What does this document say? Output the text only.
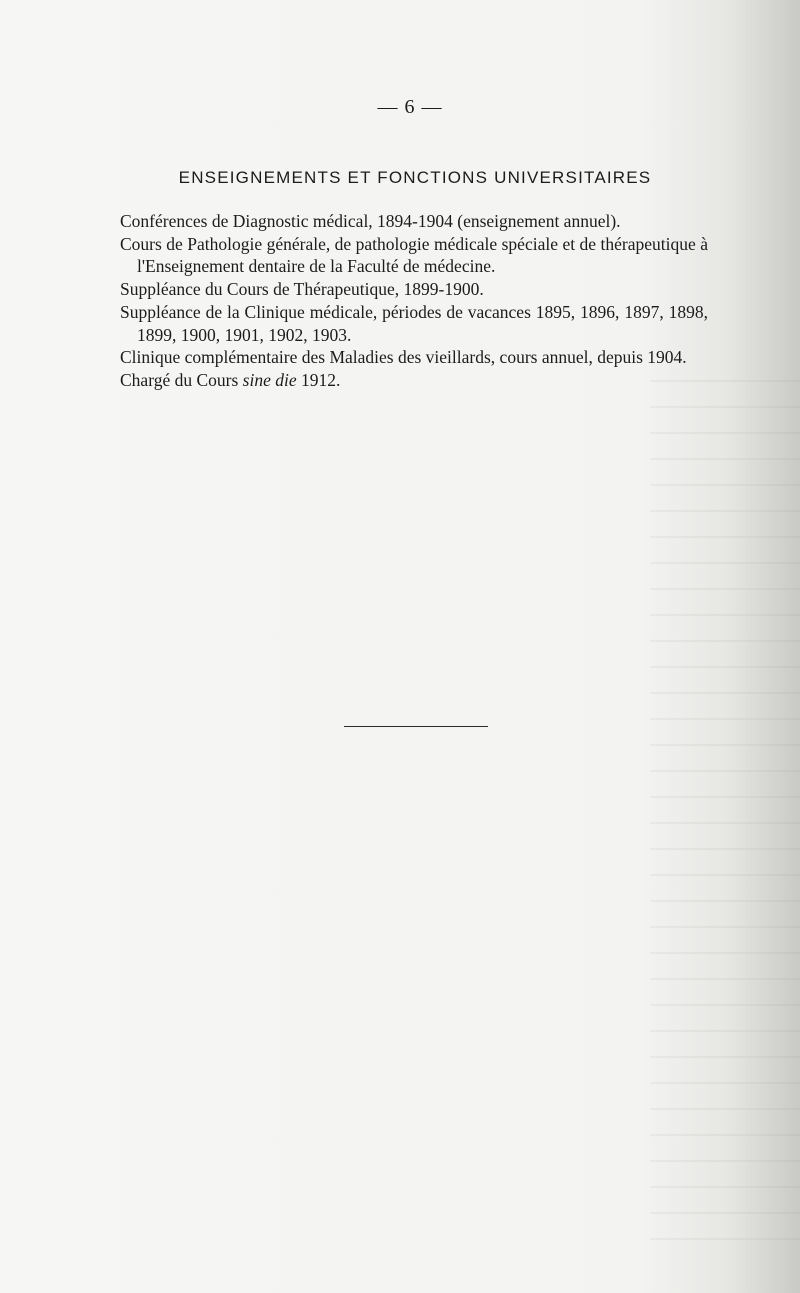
— 6 —
ENSEIGNEMENTS ET FONCTIONS UNIVERSITAIRES

Conférences de Diagnostic médical, 1894-1904 (enseignement annuel).

Cours de Pathologie générale, de pathologie médicale spéciale et de thérapeutique à l'Enseignement dentaire de la Faculté de médecine.

Suppléance du Cours de Thérapeutique, 1899-1900.

Suppléance de la Clinique médicale, périodes de vacances 1895, 1896, 1897, 1898, 1899, 1900, 1901, 1902, 1903.

Clinique complémentaire des Maladies des vieillards, cours annuel, depuis 1904.

Chargé du Cours sine die 1912.
